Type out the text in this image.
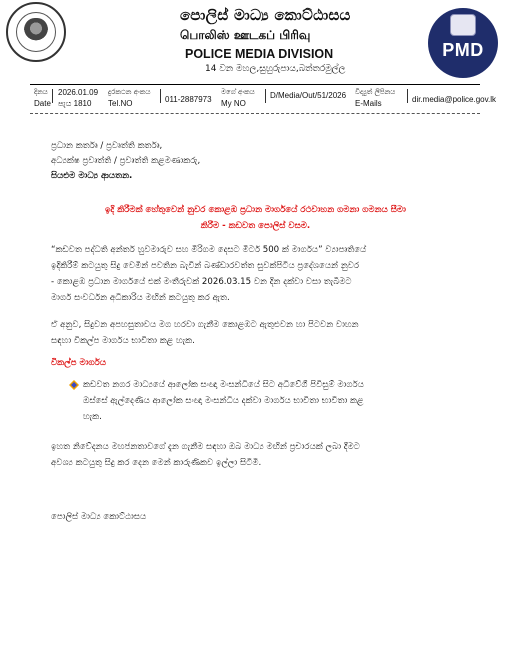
පොලිස් මාධ්‍ය කොට්ඨාසය
பொலிஸ் ஊடகப் பிரிவு
POLICE MEDIA DIVISION
14 වන මහල,සුහුරුපාය,බත්තරමුල්ල
PMD
දිනය
Date
2026.01.09
පැය 1810
දුරකථන අංකය
Tel.NO	011-2887973
මගේ අංකය
My NO
D/Media/Out/51/2026 විද්‍යුත් ලිපිනය
E-Mails	dir.media@police.gov.lk
ප්‍රධාන කර්තෘ / ප්‍රවෘත්ති කර්තෘ,
අධ්‍යක්ෂ ප්‍රවෘත්ති / ප්‍රවෘත්ති කළමණාකරු,
සියළුම මාධ්‍ය ආයතන.
ඉදි කිරීමක් හේතුවෙන් නුවර කොළඹ ප්‍රධාන මාර්ගයේ රථවාහන ගමනා ගමනය සීමා
කිරීම - කඩවත පොලිස් වසම.
“කඩවත පද්ධති අන්තර් හුවමාරුව සහ මීරිගම දෙසට මීටර් 500 ක් මාර්ගය” ව්‍යාපෘතියේ
ඉදිකිරීම් කටයුතු සිදු වෙමින් පවතින බැවින් බණ්ඩාරවත්ත සුවක්පිටිය ප්‍රදේශයෙන් නුවර
- කොළඹ ප්‍රධාන මාර්ගයේ එක් මංතීරුවක් 2026.03.15 වන දින දක්වා වසා තැබීමට
මාර්ග සංවර්ධන අධිකාරිය මඟින් කටයුතු කර ඇත.
ඒ අනුව, සිදුවන අපහසුතාවය මග හරවා ගැනීම කොළඹට ඇතුළුවන හා පිටවන වාහන
සඳහා විකල්ප මාර්ගය භාවිතා කළ හැක.
විකල්ප මාර්ගය
කඩවත නගර මාධ්‍යයේ ආලෝක සංඥා මංසන්ධියේ සිට අධිවේගී පිවිසුම් මාර්ගය
ඔස්සේ ඇල්දෙණිය ආලෝක සංඥා මංසන්ධිය දක්වා මාර්ගය භාවිතා භාවිතා කළ
හැක.
ඉහත නිවේදනය මහජනතාවගේ දැන ගැනීම සඳහා ඔබ මාධ්‍ය මඟින් ප්‍රචාරයක් ලබා දීමට
අවශ්‍ය කටයුතු සිදු කර දෙන මෙන් කාරුණිකව ඉල්ලා සිටිමි.
පොලිස් මාධ්‍ය කොට්ඨාසය
